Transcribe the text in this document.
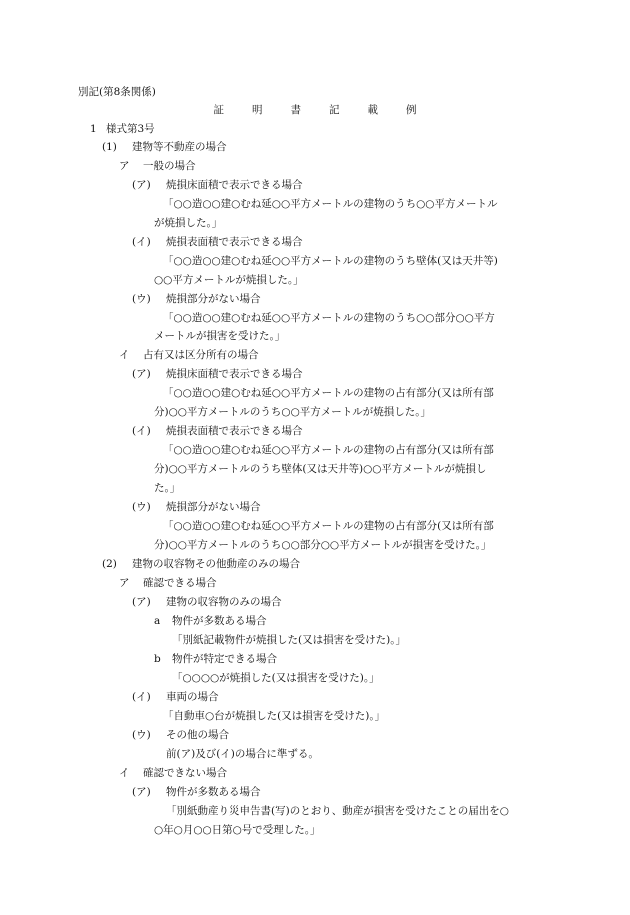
別記(第8条関係)
証	明	書	記	載	例
1 様式第3号
(1) 建物等不動産の場合
ア 一般の場合
(ア) 焼損床面積で表示できる場合
「○○造○○建○むね延○○平方メートルの建物のうち○○平方メートル
が焼損した。」
(イ) 焼損表面積で表示できる場合
「○○造○○建○むね延○○平方メートルの建物のうち壁体(又は天井等)
○○平方メートルが焼損した。」
(ウ) 焼損部分がない場合
「○○造○○建○むね延○○平方メートルの建物のうち○○部分○○平方
メートルが損害を受けた。」
イ 占有又は区分所有の場合
(ア) 焼損床面積で表示できる場合
「○○造○○建○むね延○○平方メートルの建物の占有部分(又は所有部
分)○○平方メートルのうち○○平方メートルが焼損した。」
(イ) 焼損表面積で表示できる場合
「○○造○○建○むね延○○平方メートルの建物の占有部分(又は所有部
分)○○平方メートルのうち壁体(又は天井等)○○平方メートルが焼損し
た。」
(ウ) 焼損部分がない場合
「○○造○○建○むね延○○平方メートルの建物の占有部分(又は所有部
分)○○平方メートルのうち○○部分○○平方メートルが損害を受けた。」
(2) 建物の収容物その他動産のみの場合
ア 確認できる場合
(ア) 建物の収容物のみの場合
a 物件が多数ある場合
「別紙記載物件が焼損した(又は損害を受けた)。」
b 物件が特定できる場合
「○○○○が焼損した(又は損害を受けた)。」
(イ) 車両の場合
「自動車○台が焼損した(又は損害を受けた)。」
(ウ) その他の場合
前(ア)及び(イ)の場合に準ずる。
イ 確認できない場合
(ア) 物件が多数ある場合
「別紙動産り災申告書(写)のとおり、動産が損害を受けたことの届出を○
○年○月○○日第○号で受理した。」
